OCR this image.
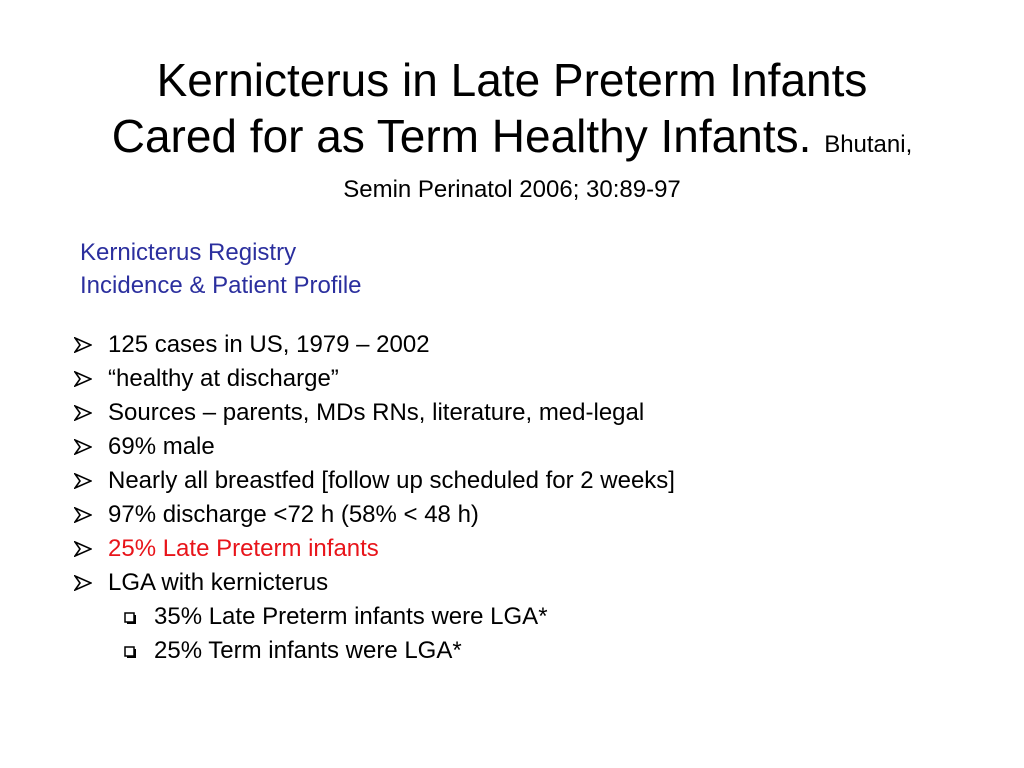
Kernicterus in Late Preterm Infants
Cared for as Term Healthy Infants. Bhutani,
Semin Perinatol 2006; 30:89-97
Kernicterus Registry
Incidence & Patient Profile
125 cases in US, 1979 – 2002
“healthy at discharge”
Sources – parents, MDs RNs, literature, med-legal
69% male
Nearly all breastfed [follow up scheduled for 2 weeks]
97% discharge <72 h (58% < 48 h)
25% Late Preterm infants
LGA with kernicterus
35% Late Preterm infants were LGA*
25% Term infants were LGA*
